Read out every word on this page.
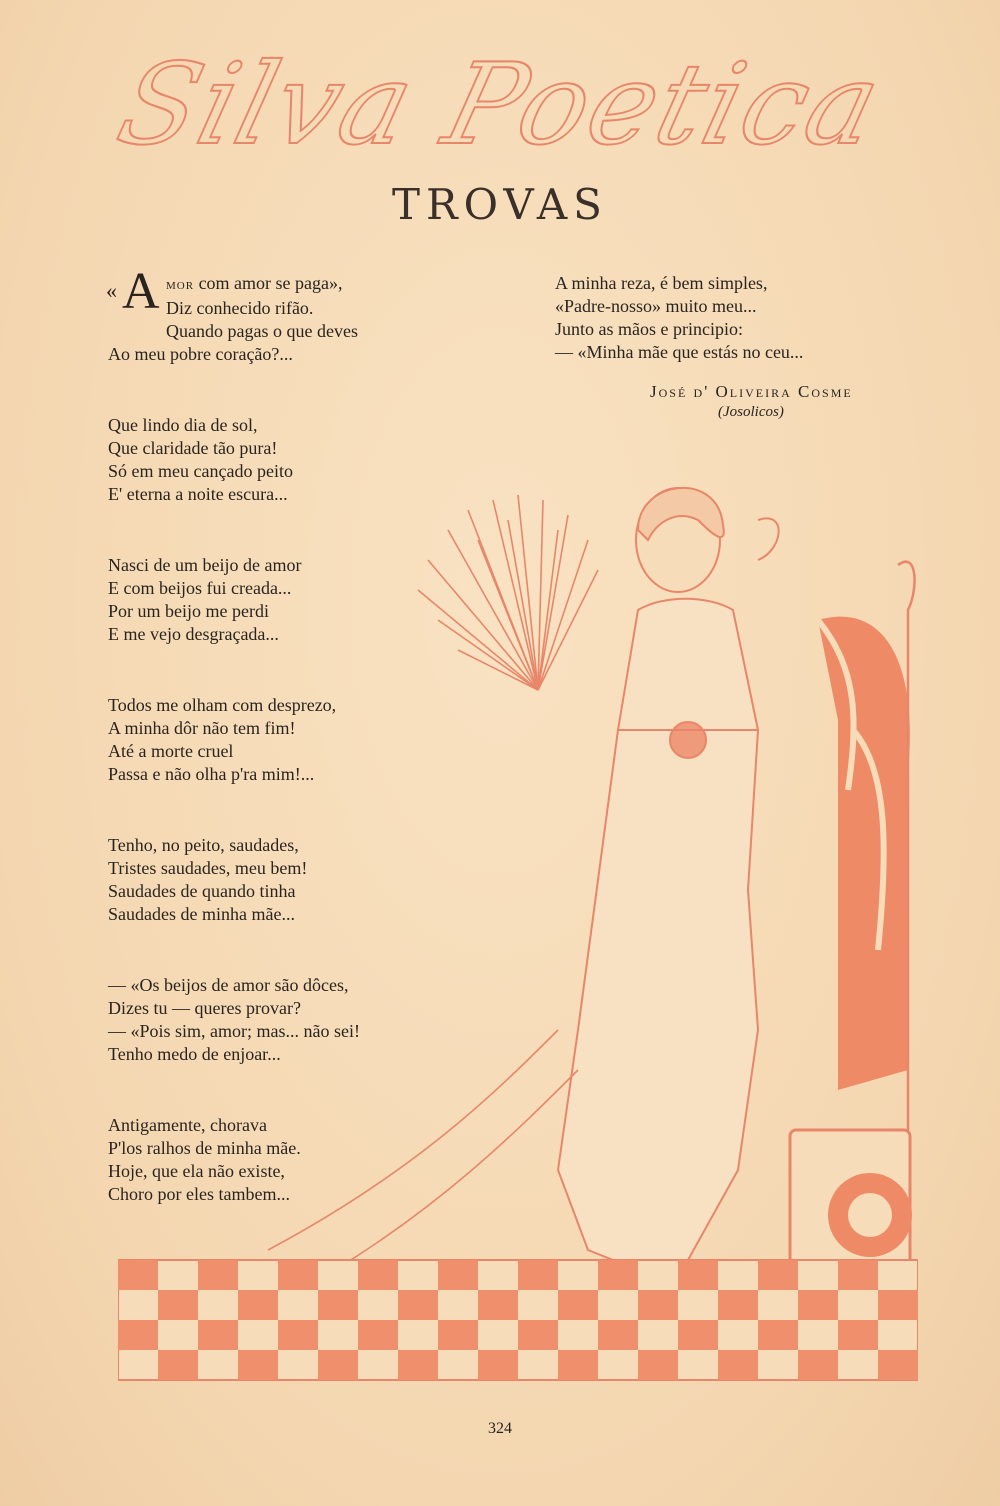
Silva Poetica
TROVAS
« A mor com amor se paga»,
Diz conhecido rifão.
Quando pagas o que deves
Ao meu pobre coração?...
Que lindo dia de sol,
Que claridade tão pura!
Só em meu cançado peito
E' eterna a noite escura...
Nasci de um beijo de amor
E com beijos fui creada...
Por um beijo me perdi
E me vejo desgraçada...
Todos me olham com desprezo,
A minha dôr não tem fim!
Até a morte cruel
Passa e não olha p'ra mim!...
Tenho, no peito, saudades,
Tristes saudades, meu bem!
Saudades de quando tinha
Saudades de minha mãe...
— «Os beijos de amor são dôces,
Dizes tu — queres provar?
— «Pois sim, amor; mas... não sei!
Tenho medo de enjoar...
Antigamente, chorava
P'los ralhos de minha mãe.
Hoje, que ela não existe,
Choro por eles tambem...
A minha reza, é bem simples,
«Padre-nosso» muito meu...
Junto as mãos e principio:
— «Minha mãe que estás no ceu...
José d' Oliveira Cosme
(Josolicos)
324
